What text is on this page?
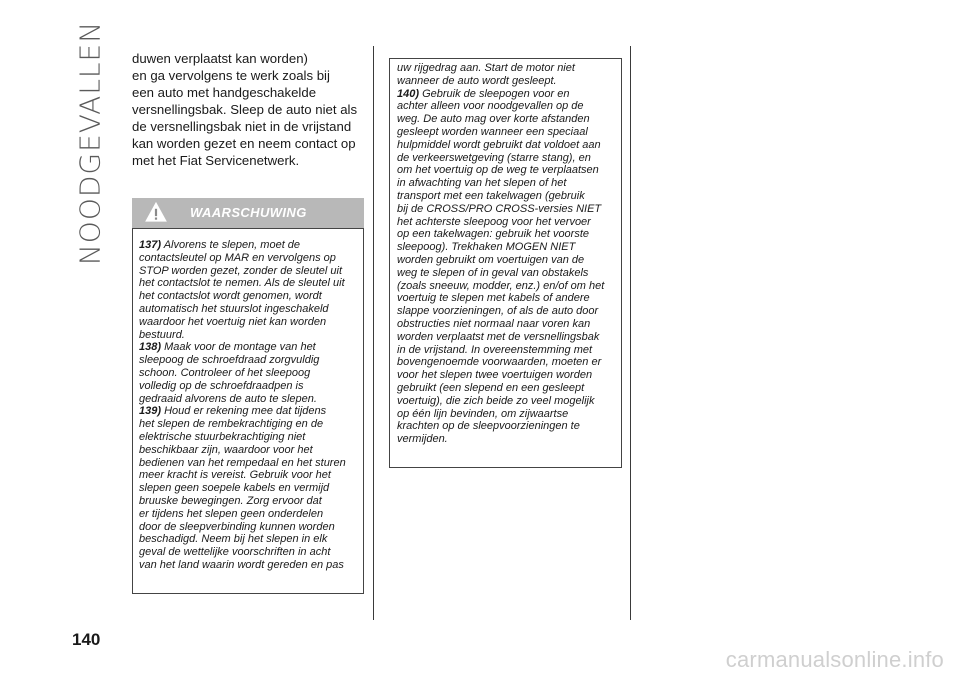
NOODGEVALLEN
140

duwen verplaatst kan worden)

en ga vervolgens te werk zoals bij

een auto met handgeschakelde

versnellingsbak. Sleep de auto niet als

de versnellingsbak niet in de vrijstand

kan worden gezet en neem contact op

met het Fiat Servicenetwerk.

WAARSCHUWING

137) Alvorens te slepen, moet de

contactsleutel op MAR en vervolgens op

STOP worden gezet, zonder de sleutel uit

het contactslot te nemen. Als de sleutel uit

het contactslot wordt genomen, wordt

automatisch het stuurslot ingeschakeld

waardoor het voertuig niet kan worden

bestuurd.

138) Maak voor de montage van het

sleepoog de schroefdraad zorgvuldig

schoon. Controleer of het sleepoog

volledig op de schroefdraadpen is

gedraaid alvorens de auto te slepen.

139) Houd er rekening mee dat tijdens

het slepen de rembekrachtiging en de

elektrische stuurbekrachtiging niet

beschikbaar zijn, waardoor voor het

bedienen van het rempedaal en het sturen

meer kracht is vereist. Gebruik voor het

slepen geen soepele kabels en vermijd

bruuske bewegingen. Zorg ervoor dat

er tijdens het slepen geen onderdelen

door de sleepverbinding kunnen worden

beschadigd. Neem bij het slepen in elk

geval de wettelijke voorschriften in acht

van het land waarin wordt gereden en pas

uw rijgedrag aan. Start de motor niet

wanneer de auto wordt gesleept.

140) Gebruik de sleepogen voor en

achter alleen voor noodgevallen op de

weg. De auto mag over korte afstanden

gesleept worden wanneer een speciaal

hulpmiddel wordt gebruikt dat voldoet aan

de verkeerswetgeving (starre stang), en

om het voertuig op de weg te verplaatsen

in afwachting van het slepen of het

transport met een takelwagen (gebruik

bij de CROSS/PRO CROSS-versies NIET

het achterste sleepoog voor het vervoer

op een takelwagen: gebruik het voorste

sleepoog). Trekhaken MOGEN NIET

worden gebruikt om voertuigen van de

weg te slepen of in geval van obstakels

(zoals sneeuw, modder, enz.) en/of om het

voertuig te slepen met kabels of andere

slappe voorzieningen, of als de auto door

obstructies niet normaal naar voren kan

worden verplaatst met de versnellingsbak

in de vrijstand. In overeenstemming met

bovengenoemde voorwaarden, moeten er

voor het slepen twee voertuigen worden

gebruikt (een slepend en een gesleept

voertuig), die zich beide zo veel mogelijk

op één lijn bevinden, om zijwaartse

krachten op de sleepvoorzieningen te

vermijden.

carmanualsonline.info
